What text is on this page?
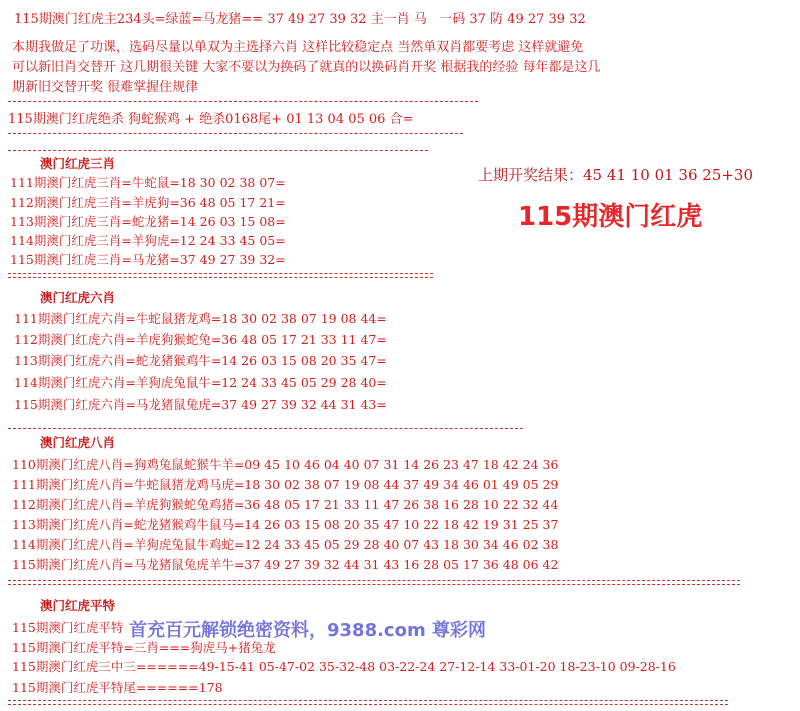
115期澳门红虎主234头=绿蓝=马龙猪== 37 49 27 39 32 主一肖 马   一码 37 防 49 27 39 32
本期我做足了功课，选码尽量以单双为主选择六肖 这样比较稳定点 当然单双肖都要考虑 这样就避免
可以新旧肖交替开 这几期很关键 大家不要以为换码了就真的以换码肖开奖 根据我的经验 每年都是这几
期新旧交替开奖 很难掌握住规律
115期澳门红虎绝杀 狗蛇猴鸡 + 绝杀0168尾+ 01 13 04 05 06 合=
上期开奖结果：45 41 10 01 36 25+30
115期澳门红虎
澳门红虎三肖
111期澳门红虎三肖=牛蛇鼠=18 30 02 38 07=
112期澳门红虎三肖=羊虎狗=36 48 05 17 21=
113期澳门红虎三肖=蛇龙猪=14 26 03 15 08=
114期澳门红虎三肖=羊狗虎=12 24 33 45 05=
115期澳门红虎三肖=马龙猪=37 49 27 39 32=
澳门红虎六肖
111期澳门红虎六肖=牛蛇鼠猪龙鸡=18 30 02 38 07 19 08 44=
112期澳门红虎六肖=羊虎狗猴蛇兔=36 48 05 17 21 33 11 47=
113期澳门红虎六肖=蛇龙猪猴鸡牛=14 26 03 15 08 20 35 47=
114期澳门红虎六肖=羊狗虎兔鼠牛=12 24 33 45 05 29 28 40=
115期澳门红虎六肖=马龙猪鼠兔虎=37 49 27 39 32 44 31 43=
澳门红虎八肖
110期澳门红虎八肖=狗鸡兔鼠蛇猴牛羊=09 45 10 46 04 40 07 31 14 26 23 47 18 42 24 36
111期澳门红虎八肖=牛蛇鼠猪龙鸡马虎=18 30 02 38 07 19 08 44 37 49 34 46 01 49 05 29
112期澳门红虎八肖=羊虎狗猴蛇兔鸡猪=36 48 05 17 21 33 11 47 26 38 16 28 10 22 32 44
113期澳门红虎八肖=蛇龙猪猴鸡牛鼠马=14 26 03 15 08 20 35 47 10 22 18 42 19 31 25 37
114期澳门红虎八肖=羊狗虎兔鼠牛鸡蛇=12 24 33 45 05 29 28 40 07 43 18 30 34 46 02 38
115期澳门红虎八肖=马龙猪鼠兔虎羊牛=37 49 27 39 32 44 31 43 16 28 05 17 36 48 06 42
澳门红虎平特
115期澳门红虎平特
115期澳门红虎平特=三肖===狗虎马+猪兔龙
115期澳门红虎三中三======49-15-41 05-47-02 35-32-48 03-22-24 27-12-14 33-01-20 18-23-10 09-28-16
115期澳门红虎平特尾======178
首充百元解锁绝密资料，9388.com 尊彩网
